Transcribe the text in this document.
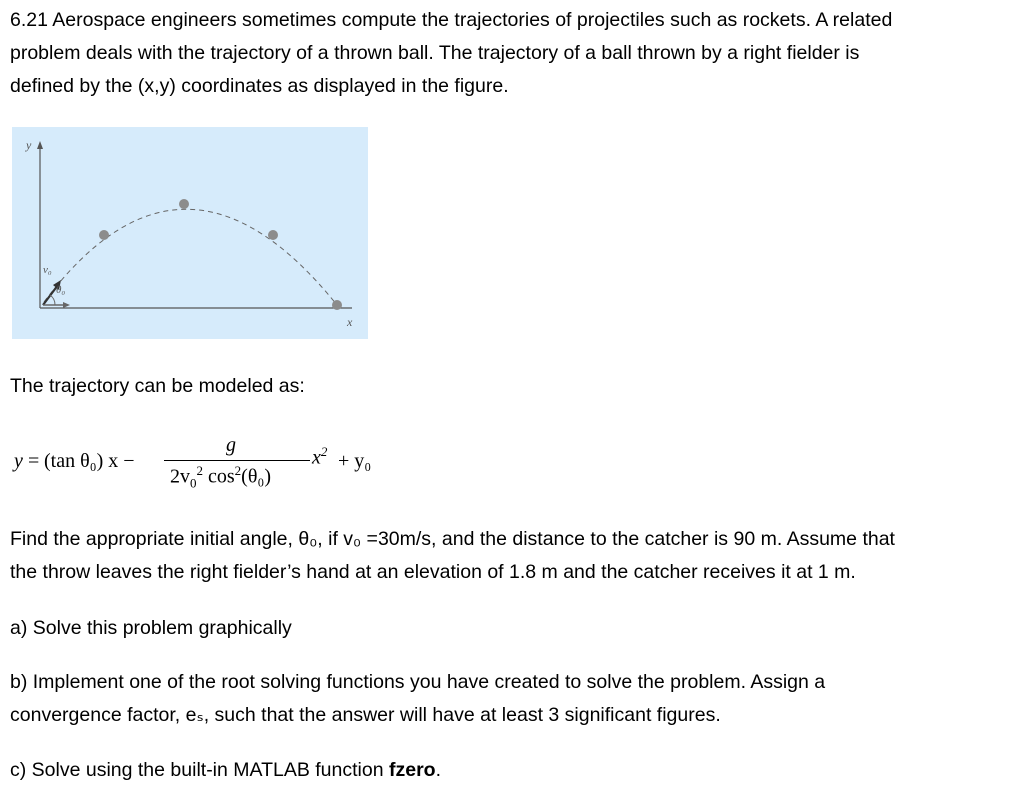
6.21 Aerospace engineers sometimes compute the trajectories of projectiles such as rockets. A related
problem deals with the trajectory of a thrown ball. The trajectory of a ball thrown by a right fielder is
defined by the (x,y) coordinates as displayed in the figure.

y
x
v₀
θ₀

The trajectory can be modeled as:

y = (tan θ₀) x −
g
$2v_0^2$ $\cos^2(\theta_0)$
$x^2 + y_0$

Find the appropriate initial angle, θ₀, if v₀ =30m/s, and the distance to the catcher is 90 m. Assume that
the throw leaves the right fielder’s hand at an elevation of 1.8 m and the catcher receives it at 1 m.

a) Solve this problem graphically

b) Implement one of the root solving functions you have created to solve the problem. Assign a
convergence factor, eₛ, such that the answer will have at least 3 significant figures.

c) Solve using the built-in MATLAB function fzero.
